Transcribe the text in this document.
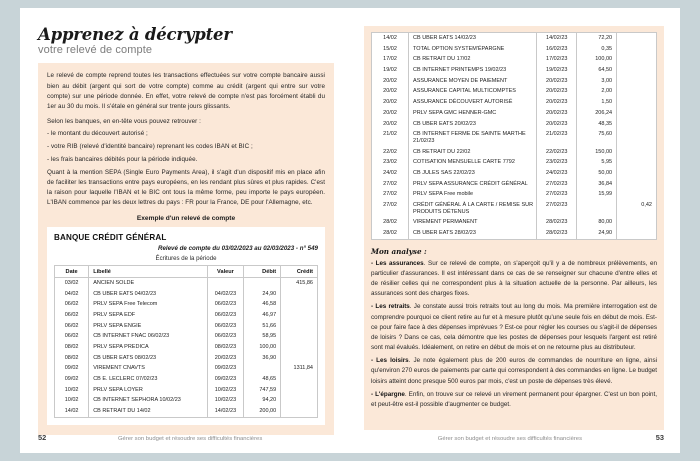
Apprenez à décrypter
votre relevé de compte

Le relevé de compte reprend toutes les transactions effectuées sur votre compte bancaire aussi bien au débit (argent qui sort de votre compte) comme au crédit (argent qui entre sur votre compte) sur une période donnée. En effet, votre relevé de compte n'est pas forcément établi du 1er au 30 du mois. Il s'étale en général sur trente jours glissants.

Selon les banques, en en-tête vous pouvez retrouver :

- le montant du découvert autorisé ;

- votre RIB (relevé d'identité bancaire) reprenant les codes IBAN et BIC ;

- les frais bancaires débités pour la période indiquée.

Quant à la mention SEPA (Single Euro Payments Area), il s'agit d'un dispositif mis en place afin de faciliter les transactions entre pays européens, en les rendant plus sûres et plus rapides. C'est la raison pour laquelle l'IBAN et le BIC ont tous la même forme, peu importe le pays européen. L'IBAN commence par les deux lettres du pays : FR pour la France, DE pour l'Allemagne, etc.

Exemple d'un relevé de compte
BANQUE CRÉDIT GÉNÉRAL
Relevé de compte du 03/02/2023 au 02/03/2023 - n° 549
Écritures de la période
Date	Libellé	Valeur	Débit	Crédit
03/02	ANCIEN SOLDE			415,86
04/02	CB UBER EATS 04/02/23	04/02/23	24,90	
06/02	PRLV SEPA Free Telecom	06/02/23	46,58	
06/02	PRLV SEPA EDF	06/02/23	46,97	
06/02	PRLV SEPA ENGIE	06/02/23	51,66	
06/02	CB INTERNET FNAC 06/02/23	06/02/23	58,95	
08/02	PRLV SEPA PREDICA	08/02/23	100,00	
08/02	CB UBER EATS 08/02/23	20/02/23	36,90	
09/02	VIREMENT CNAVTS	09/02/23		1311,84
09/02	CB E. LECLERC 07/02/23	09/02/23	48,65	
10/02	PRLV SEPA LOYER	10/02/23	747,59	
10/02	CB INTERNET SEPHORA 10/02/23	10/02/23	94,20	
14/02	CB RETRAIT DU 14/02	14/02/23	200,00	
52	Gérer son budget et résoudre ses difficultés financières
14/02	CB UBER EATS 14/02/23	14/02/23	72,20	
15/02	TOTAL OPTION SYSTEM'ÉPARGNE	16/02/23	0,35	
17/02	CB RETRAIT DU 17/02	17/02/23	100,00	
19/02	CB INTERNET PRINTEMPS 19/02/23	19/02/23	64,50	
20/02	ASSURANCE MOYEN DE PAIEMENT	20/02/23	3,00	
20/02	ASSURANCE CAPITAL MULTICOMPTES	20/02/23	2,00	
20/02	ASSURANCE DÉCOUVERT AUTORISÉ	20/02/23	1,50	
20/02	PRLV SEPA GMC HENNER-GMC	20/02/23	206,24	
20/02	CB UBER EATS 20/02/23	20/02/23	48,35	
21/02	CB INTERNET FERME DE SAINTE MARTHE 21/02/23	21/02/23	75,60	
22/02	CB RETRAIT DU 22/02	22/02/23	150,00	
23/02	COTISATION MENSUELLE CARTE 7792	23/02/23	5,95	
24/02	CB JULES SAS 22/02/23	24/02/23	50,00	
27/02	PRLV SEPA ASSURANCE CRÉDIT GÉNÉRAL	27/02/23	36,84	
27/02	PRLV SEPA Free mobile	27/02/23	15,99	
27/02	CRÉDIT GÉNÉRAL À LA CARTE / REMISE SUR PRODUITS DÉTENUS	27/02/23		0,42
28/02	VIREMENT PERMANENT	28/02/23	80,00	
28/02	CB UBER EATS 28/02/23	28/02/23	24,90	
Mon analyse :

- Les assurances. Sur ce relevé de compte, on s'aperçoit qu'il y a de nombreux prélèvements, en particulier d'assurances. Il est intéressant dans ce cas de se renseigner sur chacune d'entre elles et de résilier celles qui ne correspondent plus à la situation actuelle de la personne. Par ailleurs, les assurances sont des charges fixes.

- Les retraits. Je constate aussi trois retraits tout au long du mois. Ma première interrogation est de comprendre pourquoi ce client retire au fur et à mesure plutôt qu'une seule fois en début de mois. Est-ce pour faire face à des dépenses imprévues ? Est-ce pour régler les courses ou s'agit-il de dépenses de loisirs ? Dans ce cas, cela démontre que les postes de dépenses pour lesquels l'argent est retiré sont mal évalués. Idéalement, on retire en début de mois et on ne retourne plus au distributeur.

- Les loisirs. Je note également plus de 200 euros de commandes de nourriture en ligne, ainsi qu'environ 270 euros de paiements par carte qui correspondent à des commandes en ligne. Le budget loisirs atteint donc presque 500 euros par mois, c'est un poste de dépenses très élevé.

- L'épargne. Enfin, on trouve sur ce relevé un virement permanent pour épargner. C'est un bon point, et peut-être est-il possible d'augmenter ce budget.

Gérer son budget et résoudre ses difficultés financières	53
